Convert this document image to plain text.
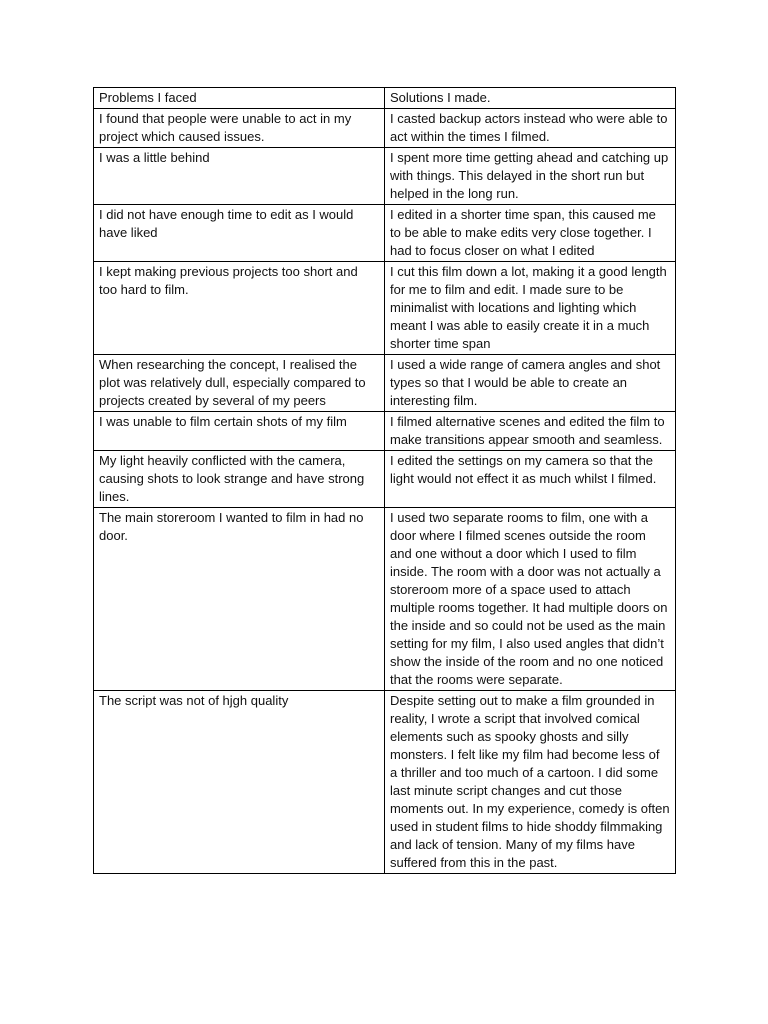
Problems I faced	Solutions I made.
I found that people were unable to act in my project which caused issues.	I casted backup actors instead who were able to act within the times I filmed.
I was a little behind	I spent more time getting ahead and catching up with things. This delayed in the short run but helped in the long run.
I did not have enough time to edit as I would have liked	I edited in a shorter time span, this caused me to be able to make edits very close together. I had to focus closer on what I edited
I kept making previous projects too short and too hard to film.	I cut this film down a lot, making it a good length for me to film and edit. I made sure to be minimalist with locations and lighting which meant I was able to easily create it in a much shorter time span
When researching the concept, I realised the plot was relatively dull, especially compared to projects created by several of my peers	I used a wide range of camera angles and shot types so that I would be able to create an interesting film.
I was unable to film certain shots of my film	I filmed alternative scenes and edited the film to make transitions appear smooth and seamless.
My light heavily conflicted with the camera, causing shots to look strange and have strong lines.	I edited the settings on my camera so that the light would not effect it as much whilst I filmed.
The main storeroom I wanted to film in had no door.	I used two separate rooms to film, one with a door where I filmed scenes outside the room and one without a door which I used to film inside. The room with a door was not actually a storeroom more of a space used to attach multiple rooms together. It had multiple doors on the inside and so could not be used as the main setting for my film, I also used angles that didn’t show the inside of the room and no one noticed that the rooms were separate.
The script was not of hjgh quality	Despite setting out to make a film grounded in reality, I wrote a script that involved comical elements such as spooky ghosts and silly monsters. I felt like my film had become less of a thriller and too much of a cartoon. I did some last minute script changes and cut those moments out. In my experience, comedy is often used in student films to hide shoddy filmmaking and lack of tension. Many of my films have suffered from this in the past.
